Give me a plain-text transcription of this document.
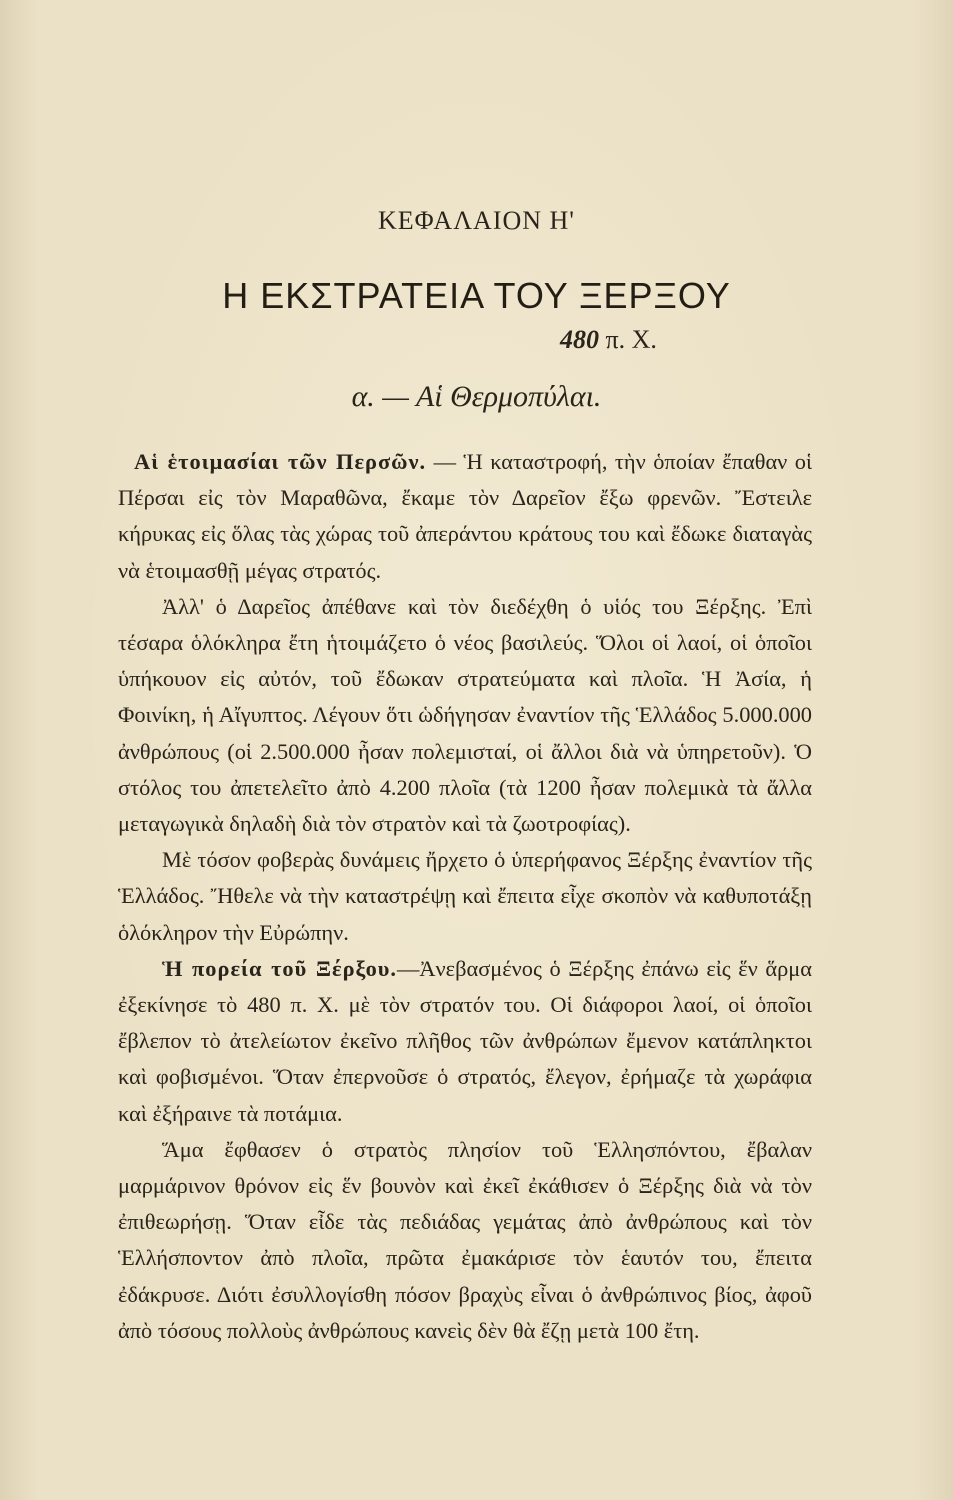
ΚΕΦΑΛΑΙΟΝ Η'
Η ΕΚΣΤΡΑΤΕΙΑ ΤΟΥ ΞΕΡΞΟΥ
480 π. Χ.
α. — Αἱ Θερμοπύλαι.

Αἱ ἑτοιμασίαι τῶν Περσῶν. — Ἡ καταστροφή, τὴν ὁποίαν ἔπαθαν οἱ Πέρσαι εἰς τὸν Μαραθῶνα, ἔκαμε τὸν Δαρεῖον ἔξω φρενῶν. Ἔστειλε κήρυκας εἰς ὅλας τὰς χώρας τοῦ ἀπεράντου κράτους του καὶ ἔδωκε διαταγὰς νὰ ἑτοιμασθῇ μέγας στρατός.

Ἀλλ' ὁ Δαρεῖος ἀπέθανε καὶ τὸν διεδέχθη ὁ υἱός του Ξέρξης. Ἐπὶ τέσαρα ὁλόκληρα ἔτη ἡτοιμάζετο ὁ νέος βασιλεύς. Ὅλοι οἱ λαοί, οἱ ὁποῖοι ὑπήκουον εἰς αὐτόν, τοῦ ἔδωκαν στρατεύματα καὶ πλοῖα. Ἡ Ἀσία, ἡ Φοινίκη, ἡ Αἴγυπτος. Λέγουν ὅτι ὡδήγησαν ἐναντίον τῆς Ἑλλάδος 5.000.000 ἀνθρώπους (οἱ 2.500.000 ἦσαν πολεμισταί, οἱ ἄλλοι διὰ νὰ ὑπηρετοῦν). Ὁ στόλος του ἀπετελεῖτο ἀπὸ 4.200 πλοῖα (τὰ 1200 ἦσαν πολεμικὰ τὰ ἄλλα μεταγωγικὰ δηλαδὴ διὰ τὸν στρατὸν καὶ τὰ ζωοτροφίας).

Μὲ τόσον φοβερὰς δυνάμεις ἤρχετο ὁ ὑπερήφανος Ξέρξης ἐναντίον τῆς Ἑλλάδος. Ἤθελε νὰ τὴν καταστρέψῃ καὶ ἔπειτα εἶχε σκοπὸν νὰ καθυποτάξῃ ὁλόκληρον τὴν Εὐρώπην.

Ἡ πορεία τοῦ Ξέρξου.—Ἀνεβασμένος ὁ Ξέρξης ἐπάνω εἰς ἕν ἅρμα ἐξεκίνησε τὸ 480 π. Χ. μὲ τὸν στρατόν του. Οἱ διάφοροι λαοί, οἱ ὁποῖοι ἔβλεπον τὸ ἀτελείωτον ἐκεῖνο πλῆθος τῶν ἀνθρώπων ἔμενον κατάπληκτοι καὶ φοβισμένοι. Ὅταν ἐπερνοῦσε ὁ στρατός, ἔλεγον, ἐρήμαζε τὰ χωράφια καὶ ἐξήραινε τὰ ποτάμια.

Ἅμα ἔφθασεν ὁ στρατὸς πλησίον τοῦ Ἑλλησπόντου, ἔβαλαν μαρμάρινον θρόνον εἰς ἕν βουνὸν καὶ ἐκεῖ ἐκάθισεν ὁ Ξέρξης διὰ νὰ τὸν ἐπιθεωρήσῃ. Ὅταν εἶδε τὰς πεδιάδας γεμάτας ἀπὸ ἀνθρώπους καὶ τὸν Ἑλλήσποντον ἀπὸ πλοῖα, πρῶτα ἐμακάρισε τὸν ἑαυτόν του, ἔπειτα ἐδάκρυσε. Διότι ἐσυλλογίσθη πόσον βραχὺς εἶναι ὁ ἀνθρώπινος βίος, ἀφοῦ ἀπὸ τόσους πολλοὺς ἀνθρώπους κανεὶς δὲν θὰ ἔζῃ μετὰ 100 ἔτη.
